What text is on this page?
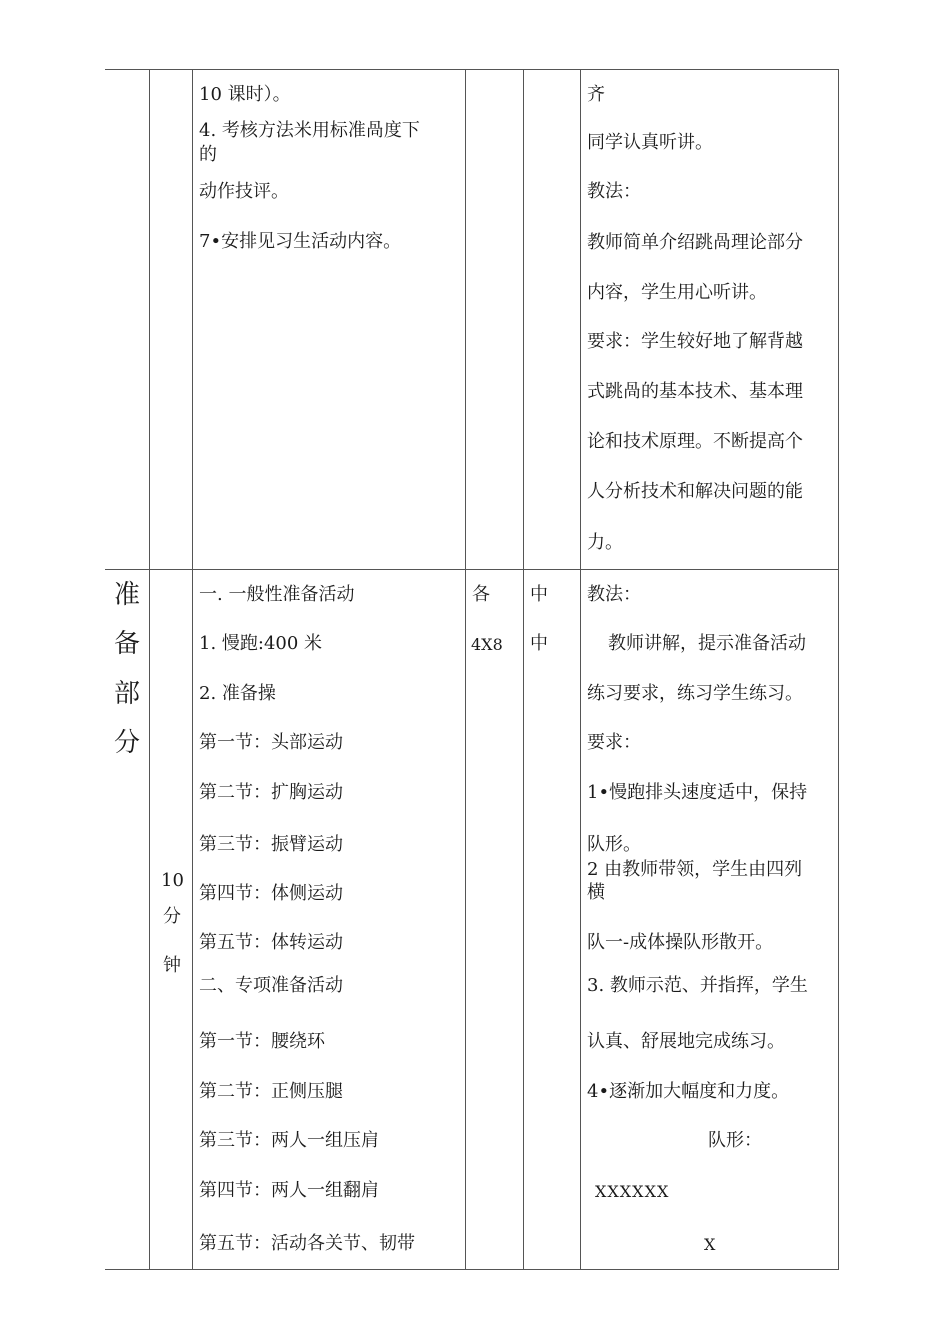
10 课时）。
4. 考核方法米用标准咼度下
的
动作技评。
7•安排见习生活动内容。
齐
同学认真听讲。
教法：
教师简单介绍跳咼理论部分
内容，学生用心听讲。
要求：学生较好地了解背越
式跳咼的基本技术、基本理
论和技术原理。不断提高个
人分析技术和解决问题的能
力。
准
备
部
分
10
分
钟
一. 一般性准备活动
1. 慢跑:400 米
2. 准备操
第一节：头部运动
第二节：扩胸运动
第三节：振臂运动
第四节：体侧运动
第五节：体转运动
二、专项准备活动
第一节：腰绕环
第二节：正侧压腿
第三节：两人一组压肩
第四节：两人一组翻肩
第五节：活动各关节、韧带
各
4X8
中
中
教法：
教师讲解，提示准备活动
练习要求，练习学生练习。
要求：
1•慢跑排头速度适中，保持
队形。
2 由教师带领，学生由四列
横
队一-成体操队形散开。
3. 教师示范、并指挥，学生
认真、舒展地完成练习。
4•逐渐加大幅度和力度。
队形：
XXXXXX
X
